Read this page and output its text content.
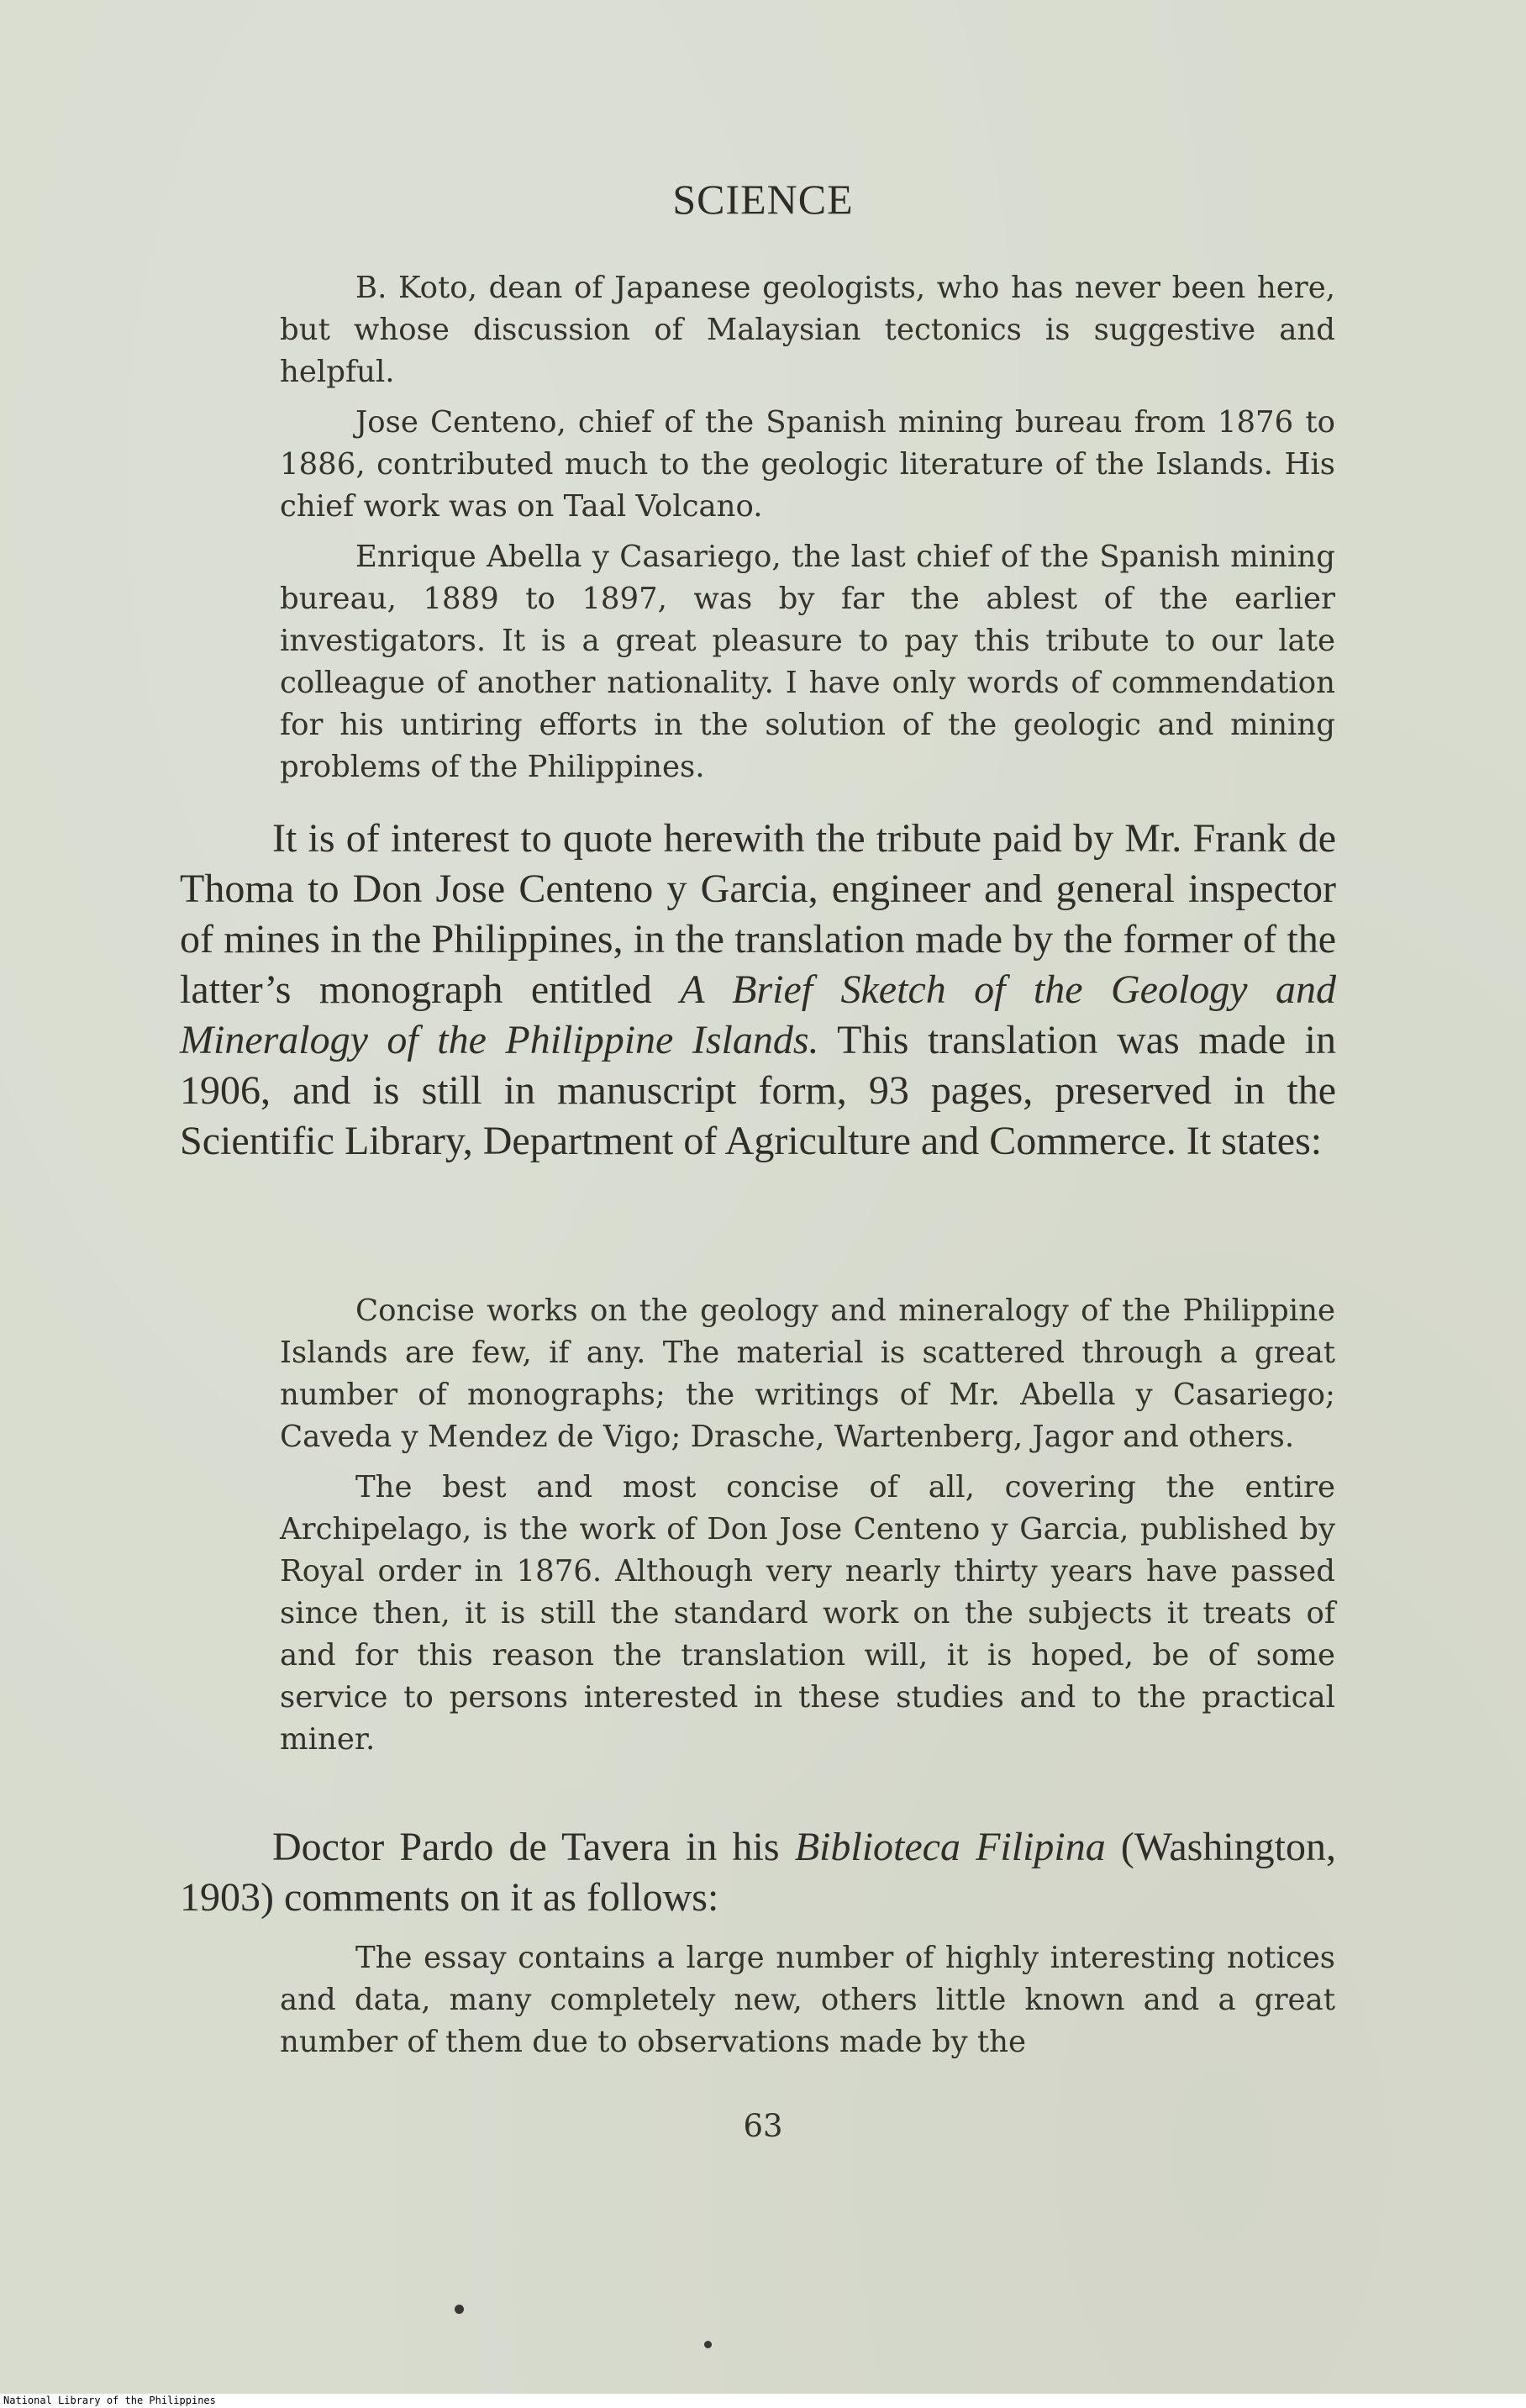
SCIENCE

B. Koto, dean of Japanese geologists, who has never been here, but whose discussion of Malaysian tectonics is suggestive and helpful.

Jose Centeno, chief of the Spanish mining bureau from 1876 to 1886, contributed much to the geologic literature of the Islands. His chief work was on Taal Volcano.

Enrique Abella y Casariego, the last chief of the Spanish mining bureau, 1889 to 1897, was by far the ablest of the earlier investigators. It is a great pleasure to pay this tribute to our late colleague of another nationality. I have only words of commendation for his untiring efforts in the solution of the geologic and mining problems of the Philippines.

It is of interest to quote herewith the tribute paid by Mr. Frank de Thoma to Don Jose Centeno y Garcia, engineer and general inspector of mines in the Philippines, in the translation made by the former of the latter’s monograph entitled A Brief Sketch of the Geology and Mineralogy of the Philippine Islands. This translation was made in 1906, and is still in manuscript form, 93 pages, preserved in the Scientific Library, Department of Agriculture and Commerce. It states:

Concise works on the geology and mineralogy of the Philippine Islands are few, if any. The material is scattered through a great number of monographs; the writings of Mr. Abella y Casariego; Caveda y Mendez de Vigo; Drasche, Wartenberg, Jagor and others.

The best and most concise of all, covering the entire Archipelago, is the work of Don Jose Centeno y Garcia, published by Royal order in 1876. Although very nearly thirty years have passed since then, it is still the standard work on the subjects it treats of and for this reason the translation will, it is hoped, be of some service to persons interested in these studies and to the practical miner.

Doctor Pardo de Tavera in his Biblioteca Filipina (Washington, 1903) comments on it as follows:

The essay contains a large number of highly interesting notices and data, many completely new, others little known and a great number of them due to observations made by the

63
National Library of the Philippines
